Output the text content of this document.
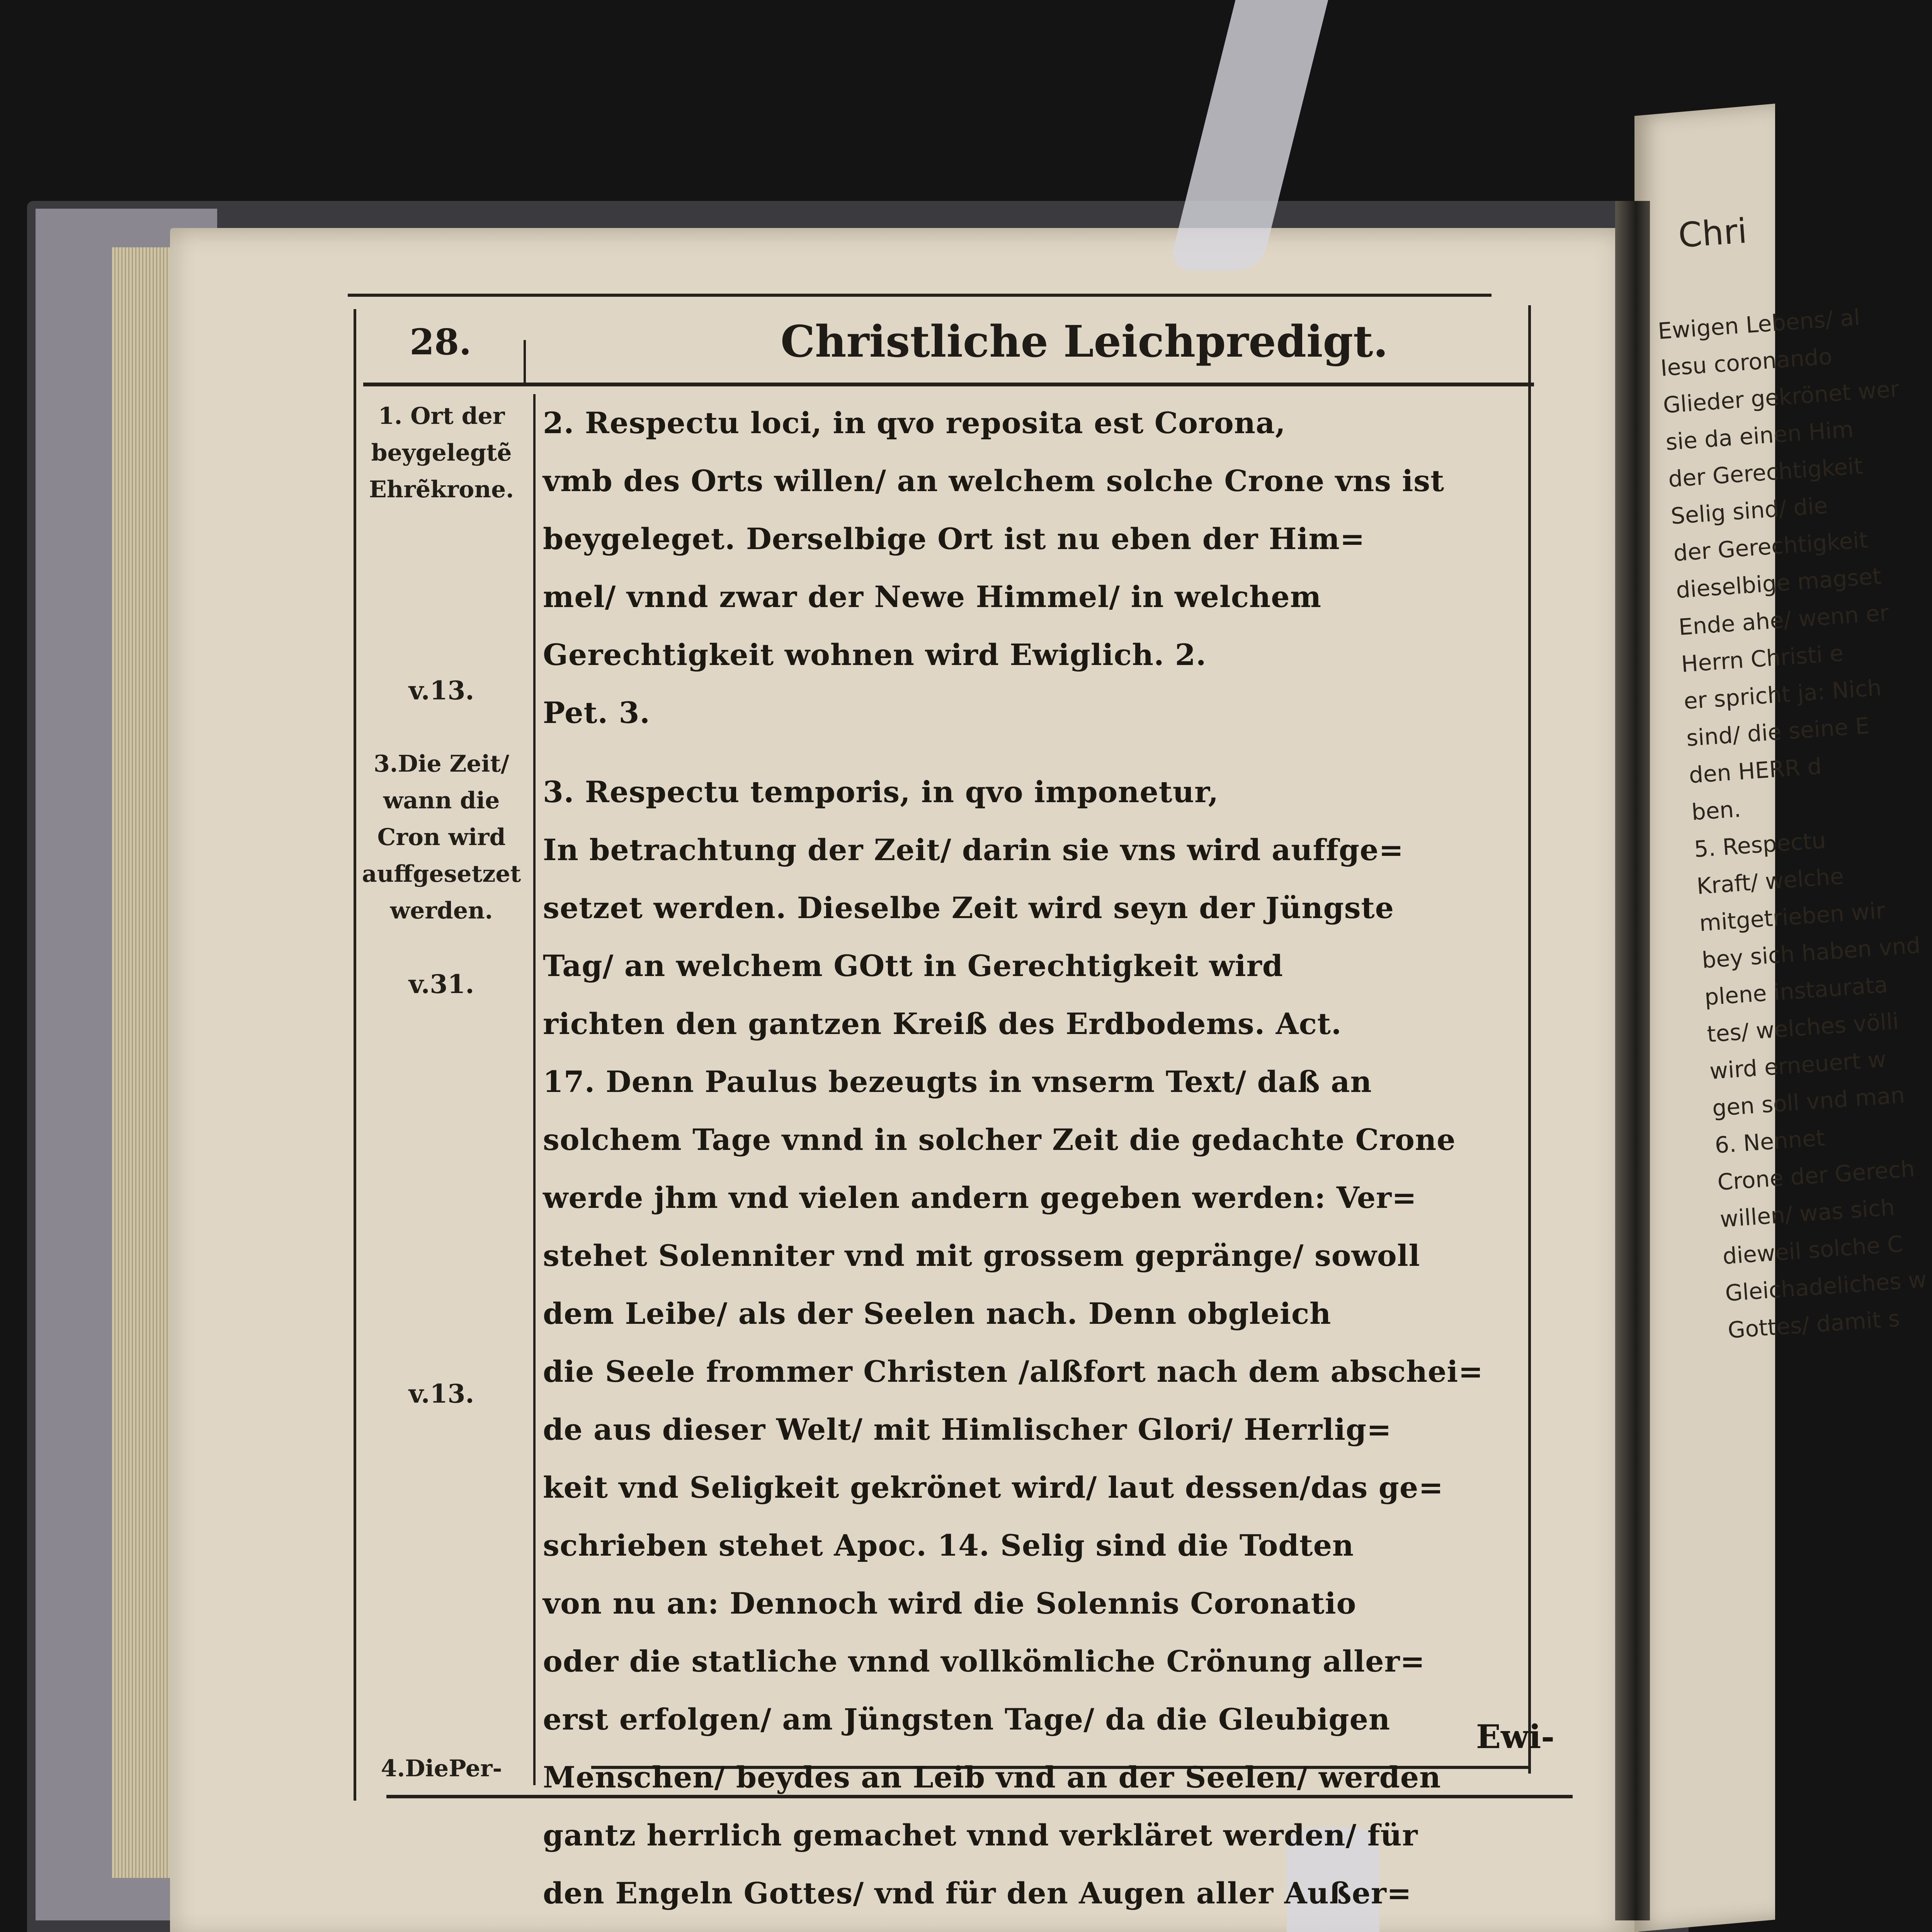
Chri
Ewigen Lebens/ al
Iesu coronando
Glieder gekrönet wer
sie da einen Him
der Gerechtigkeit
Selig sind/ die
der Gerechtigkeit
dieselbige magset
Ende ahe/ wenn er
Herrn Christi e
er spricht ja: Nich
sind/ die seine E
den HERR d
ben.
5. Respectu
Kraft/ welche
mitgetrieben wir
bey sich haben vnd
plene instaurata
tes/ welches völli
wird erneuert w
gen soll vnd man
6. Nennet
Crone der Gerech
willen/ was sich
dieweil solche C
Gleichadeliches w
Gottes/ damit s
28.	Christliche Leichpredigt.
1. Ort der
beygelegtẽ
Ehrẽkrone.
v.13.
3.Die Zeit/
wann die
Cron wird
auffgesetzet
werden.
v.31.
v.13.
4.DiePer-
2. Respectu loci, in qvo reposita est Corona,
vmb des Orts willen/ an welchem solche Crone vns ist
beygeleget. Derselbige Ort ist nu eben der Him=
mel/ vnnd zwar der Newe Himmel/ in welchem
Gerechtigkeit wohnen wird Ewiglich. 2.
Pet. 3.
3. Respectu temporis, in qvo imponetur,
In betrachtung der Zeit/ darin sie vns wird auffge=
setzet werden. Dieselbe Zeit wird seyn der Jüngste
Tag/ an welchem GOtt in Gerechtigkeit wird
richten den gantzen Kreiß des Erdbodems. Act.
17. Denn Paulus bezeugts in vnserm Text/ daß an
solchem Tage vnnd in solcher Zeit die gedachte Crone
werde jhm vnd vielen andern gegeben werden: Ver=
stehet Solenniter vnd mit grossem gepränge/ sowoll
dem Leibe/ als der Seelen nach. Denn obgleich
die Seele frommer Christen /alßfort nach dem abschei=
de aus dieser Welt/ mit Himlischer Glori/ Herrlig=
keit vnd Seligkeit gekrönet wird/ laut dessen/das ge=
schrieben stehet Apoc. 14. Selig sind die Todten
von nu an: Dennoch wird die Solennis Coronatio
oder die statliche vnnd vollkömliche Crönung aller=
erst erfolgen/ am Jüngsten Tage/ da die Gleubigen
Menschen/ beydes an Leib vnd an der Seelen/ werden
gantz herrlich gemachet vnnd verkläret werden/ für
den Engeln Gottes/ vnd für den Augen aller Außer=
Ewi-
